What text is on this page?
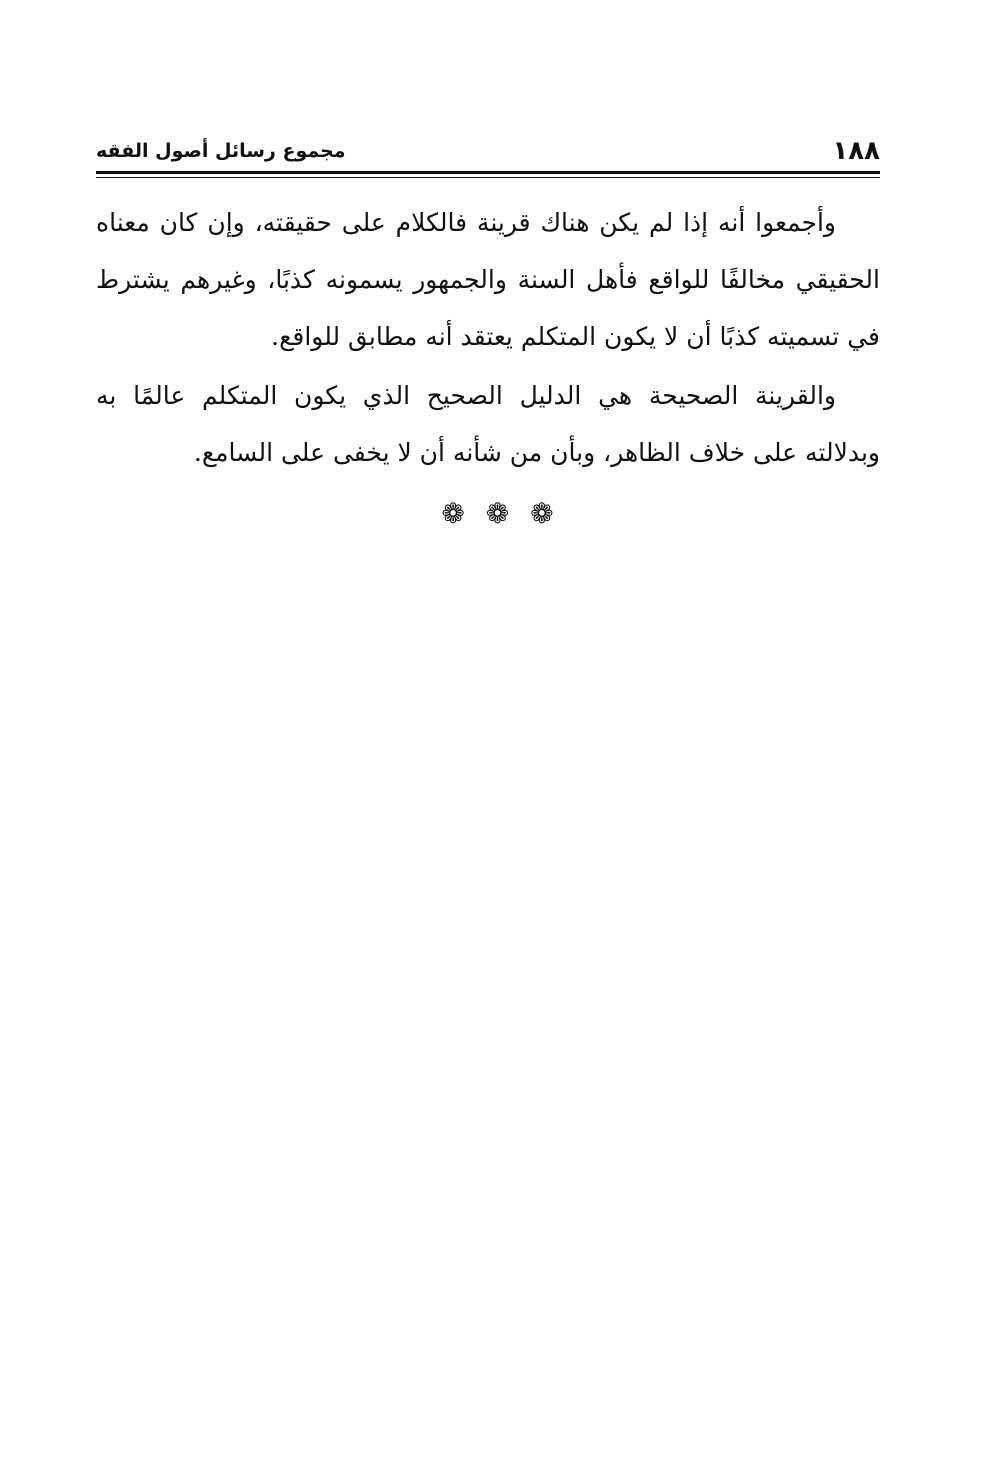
١٨٨
مجموع رسائل أصول الفقه

وأجمعوا أنه إذا لم يكن هناك قرينة فالكلام على حقيقته، وإن كان معناه الحقيقي مخالفًا للواقع فأهل السنة والجمهور يسمونه كذبًا، وغيرهم يشترط في تسميته كذبًا أن لا يكون المتكلم يعتقد أنه مطابق للواقع.

والقرينة الصحيحة هي الدليل الصحيح الذي يكون المتكلم عالمًا به وبدلالته على خلاف الظاهر، وبأن من شأنه أن لا يخفى على السامع.

❁ ❁ ❁
